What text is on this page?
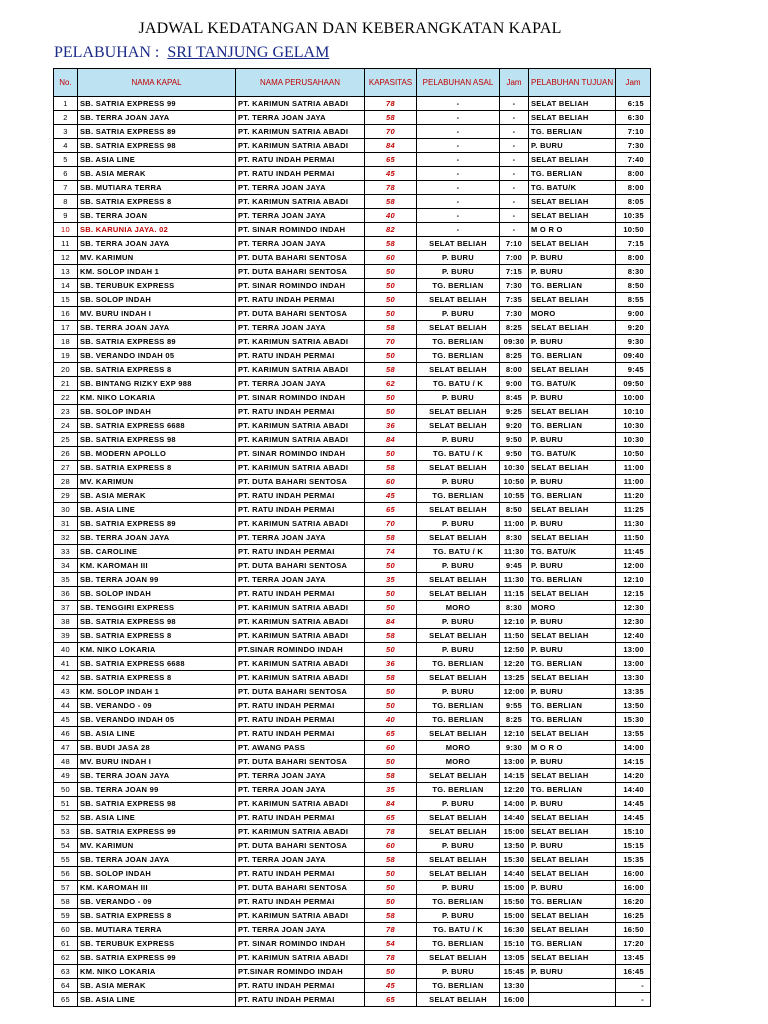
JADWAL KEDATANGAN DAN KEBERANGKATAN KAPAL
PELABUHAN : SRI TANJUNG GELAM
No.	NAMA KAPAL	NAMA PERUSAHAAN	KAPASITAS	PELABUHAN ASAL	Jam	PELABUHAN TUJUAN	Jam
1	SB. SATRIA EXPRESS 99	PT. KARIMUN SATRIA ABADI	78	-	-	SELAT BELIAH	6:15
2	SB. TERRA JOAN JAYA	PT. TERRA JOAN JAYA	58	-	-	SELAT BELIAH	6:30
3	SB. SATRIA EXPRESS 89	PT. KARIMUN SATRIA ABADI	70	-	-	TG. BERLIAN	7:10
4	SB. SATRIA EXPRESS 98	PT. KARIMUN SATRIA ABADI	84	-	-	P. BURU	7:30
5	SB. ASIA LINE	PT. RATU INDAH PERMAI	65	-	-	SELAT BELIAH	7:40
6	SB. ASIA MERAK	PT. RATU INDAH PERMAI	45	-	-	TG. BERLIAN	8:00
7	SB. MUTIARA TERRA	PT. TERRA JOAN JAYA	78	-	-	TG. BATU/K	8:00
8	SB. SATRIA EXPRESS 8	PT. KARIMUN SATRIA ABADI	58	-	-	SELAT BELIAH	8:05
9	SB. TERRA JOAN	PT. TERRA JOAN JAYA	40	-	-	SELAT BELIAH	10:35
10	SB. KARUNIA JAYA. 02	PT. SINAR ROMINDO INDAH	82	-	-	M O R O	10:50
11	SB. TERRA JOAN JAYA	PT. TERRA JOAN JAYA	58	SELAT BELIAH	7:10	SELAT BELIAH	7:15
12	MV. KARIMUN	PT. DUTA BAHARI SENTOSA	60	P. BURU	7:00	P. BURU	8:00
13	KM. SOLOP INDAH 1	PT. DUTA BAHARI SENTOSA	50	P. BURU	7:15	P. BURU	8:30
14	SB. TERUBUK EXPRESS	PT. SINAR ROMINDO INDAH	50	TG. BERLIAN	7:30	TG. BERLIAN	8:50
15	SB. SOLOP INDAH	PT. RATU INDAH PERMAI	50	SELAT BELIAH	7:35	SELAT BELIAH	8:55
16	MV. BURU INDAH I	PT. DUTA BAHARI SENTOSA	50	P. BURU	7:30	MORO	9:00
17	SB. TERRA JOAN JAYA	PT. TERRA JOAN JAYA	58	SELAT BELIAH	8:25	SELAT BELIAH	9:20
18	SB. SATRIA EXPRESS 89	PT. KARIMUN SATRIA ABADI	70	TG. BERLIAN	09:30	P. BURU	9:30
19	SB. VERANDO INDAH 05	PT. RATU INDAH PERMAI	50	TG. BERLIAN	8:25	TG. BERLIAN	09:40
20	SB. SATRIA EXPRESS 8	PT. KARIMUN SATRIA ABADI	58	SELAT BELIAH	8:00	SELAT BELIAH	9:45
21	SB. BINTANG RIZKY EXP 988	PT. TERRA JOAN JAYA	62	TG. BATU / K	9:00	TG. BATU/K	09:50
22	KM. NIKO LOKARIA	PT. SINAR ROMINDO INDAH	50	P. BURU	8:45	P. BURU	10:00
23	SB. SOLOP INDAH	PT. RATU INDAH PERMAI	50	SELAT BELIAH	9:25	SELAT BELIAH	10:10
24	SB. SATRIA EXPRESS 6688	PT. KARIMUN SATRIA ABADI	36	SELAT BELIAH	9:20	TG. BERLIAN	10:30
25	SB. SATRIA EXPRESS 98	PT. KARIMUN SATRIA ABADI	84	P. BURU	9:50	P. BURU	10:30
26	SB. MODERN APOLLO	PT. SINAR ROMINDO INDAH	50	TG. BATU / K	9:50	TG. BATU/K	10:50
27	SB. SATRIA EXPRESS 8	PT. KARIMUN SATRIA ABADI	58	SELAT BELIAH	10:30	SELAT BELIAH	11:00
28	MV. KARIMUN	PT. DUTA BAHARI SENTOSA	60	P. BURU	10:50	P. BURU	11:00
29	SB. ASIA MERAK	PT. RATU INDAH PERMAI	45	TG. BERLIAN	10:55	TG. BERLIAN	11:20
30	SB. ASIA LINE	PT. RATU INDAH PERMAI	65	SELAT BELIAH	8:50	SELAT BELIAH	11:25
31	SB. SATRIA EXPRESS 89	PT. KARIMUN SATRIA ABADI	70	P. BURU	11:00	P. BURU	11:30
32	SB. TERRA JOAN JAYA	PT. TERRA JOAN JAYA	58	SELAT BELIAH	8:30	SELAT BELIAH	11:50
33	SB. CAROLINE	PT. RATU INDAH PERMAI	74	TG. BATU / K	11:30	TG. BATU/K	11:45
34	KM. KAROMAH III	PT. DUTA BAHARI SENTOSA	50	P. BURU	9:45	P. BURU	12:00
35	SB. TERRA JOAN 99	PT. TERRA JOAN JAYA	35	SELAT BELIAH	11:30	TG. BERLIAN	12:10
36	SB. SOLOP INDAH	PT. RATU INDAH PERMAI	50	SELAT BELIAH	11:15	SELAT BELIAH	12:15
37	SB. TENGGIRI EXPRESS	PT. KARIMUN SATRIA ABADI	50	MORO	8:30	MORO	12:30
38	SB. SATRIA EXPRESS 98	PT. KARIMUN SATRIA ABADI	84	P. BURU	12:10	P. BURU	12:30
39	SB. SATRIA EXPRESS 8	PT. KARIMUN SATRIA ABADI	58	SELAT BELIAH	11:50	SELAT BELIAH	12:40
40	KM. NIKO LOKARIA	PT.SINAR ROMINDO INDAH	50	P. BURU	12:50	P. BURU	13:00
41	SB. SATRIA EXPRESS 6688	PT. KARIMUN SATRIA ABADI	36	TG. BERLIAN	12:20	TG. BERLIAN	13:00
42	SB. SATRIA EXPRESS 8	PT. KARIMUN SATRIA ABADI	58	SELAT BELIAH	13:25	SELAT BELIAH	13:30
43	KM. SOLOP INDAH 1	PT. DUTA BAHARI SENTOSA	50	P. BURU	12:00	P. BURU	13:35
44	SB. VERANDO - 09	PT. RATU INDAH PERMAI	50	TG. BERLIAN	9:55	TG. BERLIAN	13:50
45	SB. VERANDO INDAH 05	PT. RATU INDAH PERMAI	40	TG. BERLIAN	8:25	TG. BERLIAN	15:30
46	SB. ASIA LINE	PT. RATU INDAH PERMAI	65	SELAT BELIAH	12:10	SELAT BELIAH	13:55
47	SB. BUDI JASA 28	PT. AWANG PASS	60	MORO	9:30	M O R O	14:00
48	MV. BURU INDAH I	PT. DUTA BAHARI SENTOSA	50	MORO	13:00	P. BURU	14:15
49	SB. TERRA JOAN JAYA	PT. TERRA JOAN JAYA	58	SELAT BELIAH	14:15	SELAT BELIAH	14:20
50	SB. TERRA JOAN 99	PT. TERRA JOAN JAYA	35	TG. BERLIAN	12:20	TG. BERLIAN	14:40
51	SB. SATRIA EXPRESS 98	PT. KARIMUN SATRIA ABADI	84	P. BURU	14:00	P. BURU	14:45
52	SB. ASIA LINE	PT. RATU INDAH PERMAI	65	SELAT BELIAH	14:40	SELAT BELIAH	14:45
53	SB. SATRIA EXPRESS 99	PT. KARIMUN SATRIA ABADI	78	SELAT BELIAH	15:00	SELAT BELIAH	15:10
54	MV. KARIMUN	PT. DUTA BAHARI SENTOSA	60	P. BURU	13:50	P. BURU	15:15
55	SB. TERRA JOAN JAYA	PT. TERRA JOAN JAYA	58	SELAT BELIAH	15:30	SELAT BELIAH	15:35
56	SB. SOLOP INDAH	PT. RATU INDAH PERMAI	50	SELAT BELIAH	14:40	SELAT BELIAH	16:00
57	KM. KAROMAH III	PT. DUTA BAHARI SENTOSA	50	P. BURU	15:00	P. BURU	16:00
58	SB. VERANDO - 09	PT. RATU INDAH PERMAI	50	TG. BERLIAN	15:50	TG. BERLIAN	16:20
59	SB. SATRIA EXPRESS 8	PT. KARIMUN SATRIA ABADI	58	P. BURU	15:00	SELAT BELIAH	16:25
60	SB. MUTIARA TERRA	PT. TERRA JOAN JAYA	78	TG. BATU / K	16:30	SELAT BELIAH	16:50
61	SB. TERUBUK EXPRESS	PT. SINAR ROMINDO INDAH	54	TG. BERLIAN	15:10	TG. BERLIAN	17:20
62	SB. SATRIA EXPRESS 99	PT. KARIMUN SATRIA ABADI	78	SELAT BELIAH	13:05	SELAT BELIAH	13:45
63	KM. NIKO LOKARIA	PT.SINAR ROMINDO INDAH	50	P. BURU	15:45	P. BURU	16:45
64	SB. ASIA MERAK	PT. RATU INDAH PERMAI	45	TG. BERLIAN	13:30		-
65	SB. ASIA LINE	PT. RATU INDAH PERMAI	65	SELAT BELIAH	16:00		-
